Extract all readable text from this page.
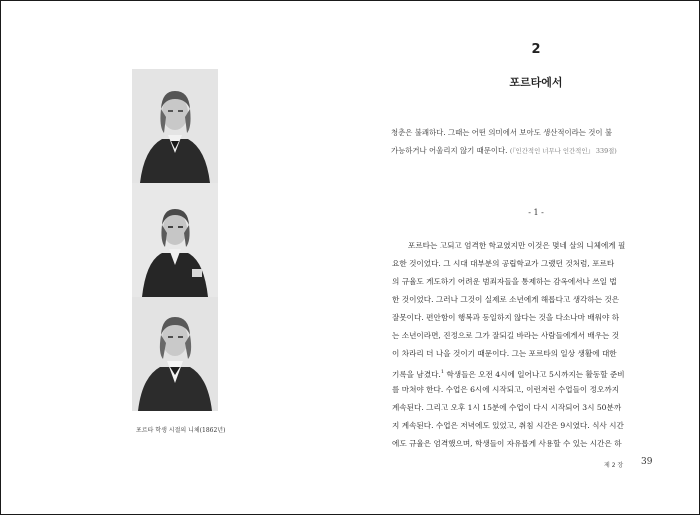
포르타 학생 시절의 니체(1862년)
2
포르타에서
청춘은 불쾌하다. 그때는 어떤 의미에서 보아도 생산적이라는 것이 불
가능하거나 어울리지 않기 때문이다. (『인간적인 너무나 인간적인』 339절)
- 1 -
포르타는 고되고 엄격한 학교였지만 이것은 몇네 살의 니체에게 필
요한 것이었다. 그 시대 대부분의 공립학교가 그랬던 것처럼, 포르타
의 규율도 게도하기 어려운 범죄자들을 통제하는 감옥에서나 쓰일 법
한 것이었다. 그러나 그것이 실제로 소년에게 해롭다고 생각하는 것은
잘못이다. 편안함이 행복과 동일하지 않다는 것을 다소나마 배워야 하
는 소년이라면, 진정으로 그가 잘되길 바라는 사람들에게서 배우는 것
이 차라리 더 나을 것이기 때문이다. 그는 포르타의 일상 생활에 대한
기록을 남겼다.$^1$ 학생들은 오전 4시에 일어나고 5시까지는 활동할 준비
를 마쳐야 한다. 수업은 6시에 시작되고, 이런저런 수업들이 정오까지
계속된다. 그리고 오후 1시 15분에 수업이 다시 시작되어 3시 50분까
지 계속된다. 수업은 저녁에도 있었고, 취침 시간은 9시였다. 식사 시간
에도 규율은 엄격했으며, 학생들이 자유롭게 사용할 수 있는 시간은 하
제 2 장 39
